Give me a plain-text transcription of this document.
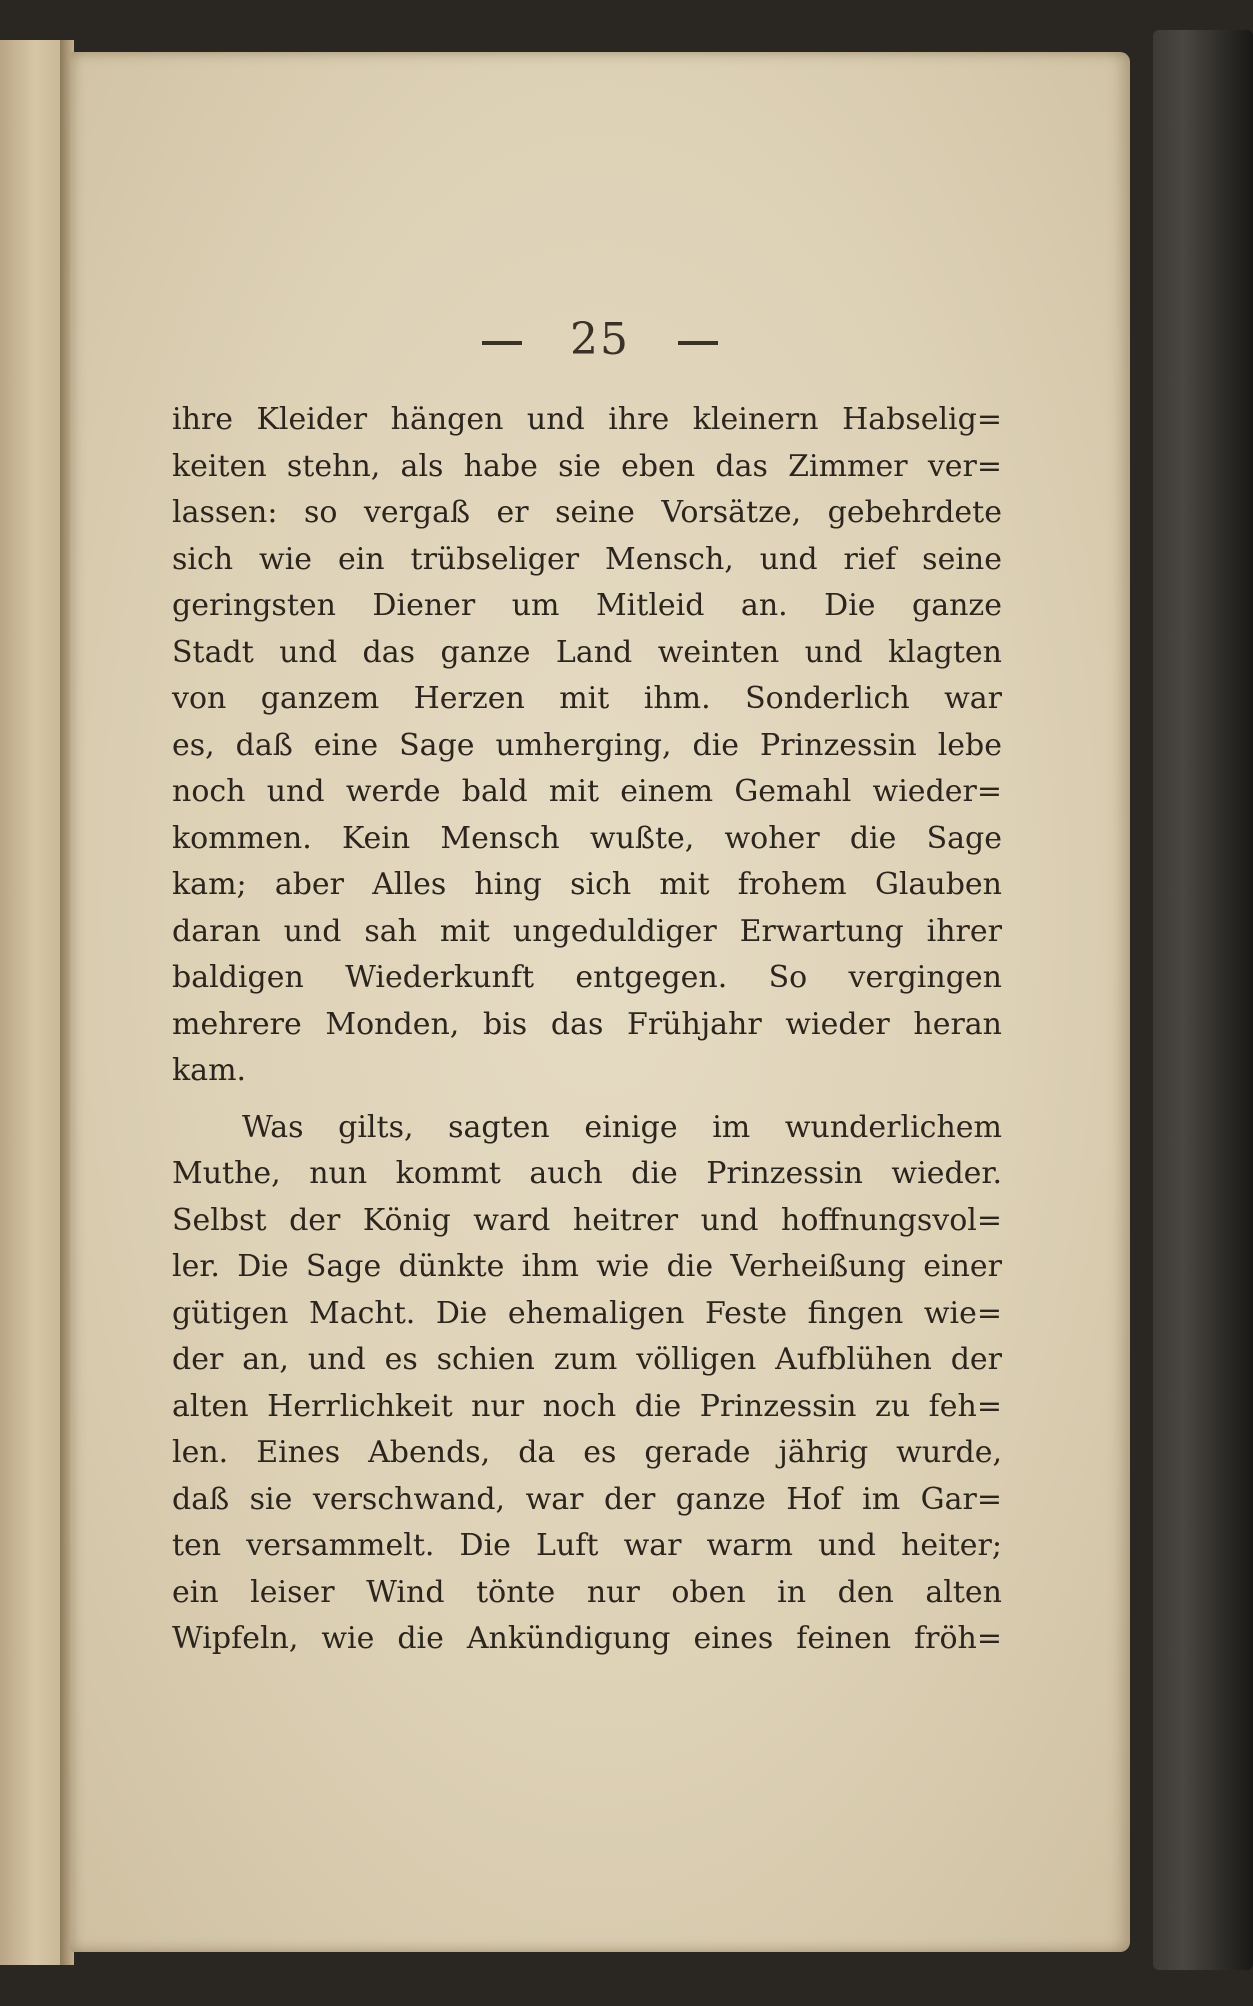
25
ihre Kleider hängen und ihre kleinern Habselig=
keiten stehn, als habe sie eben das Zimmer ver=
lassen: so vergaß er seine Vorsätze, gebehrdete
sich wie ein trübseliger Mensch, und rief seine
geringsten Diener um Mitleid an. Die ganze
Stadt und das ganze Land weinten und klagten
von ganzem Herzen mit ihm. Sonderlich war
es, daß eine Sage umherging, die Prinzessin lebe
noch und werde bald mit einem Gemahl wieder=
kommen. Kein Mensch wußte, woher die Sage
kam; aber Alles hing sich mit frohem Glauben
daran und sah mit ungeduldiger Erwartung ihrer
baldigen Wiederkunft entgegen. So vergingen
mehrere Monden, bis das Frühjahr wieder heran
kam.
Was gilts, sagten einige im wunderlichem
Muthe, nun kommt auch die Prinzessin wieder.
Selbst der König ward heitrer und hoffnungsvol=
ler. Die Sage dünkte ihm wie die Verheißung einer
gütigen Macht. Die ehemaligen Feste fingen wie=
der an, und es schien zum völligen Aufblühen der
alten Herrlichkeit nur noch die Prinzessin zu feh=
len. Eines Abends, da es gerade jährig wurde,
daß sie verschwand, war der ganze Hof im Gar=
ten versammelt. Die Luft war warm und heiter;
ein leiser Wind tönte nur oben in den alten
Wipfeln, wie die Ankündigung eines feinen fröh=
